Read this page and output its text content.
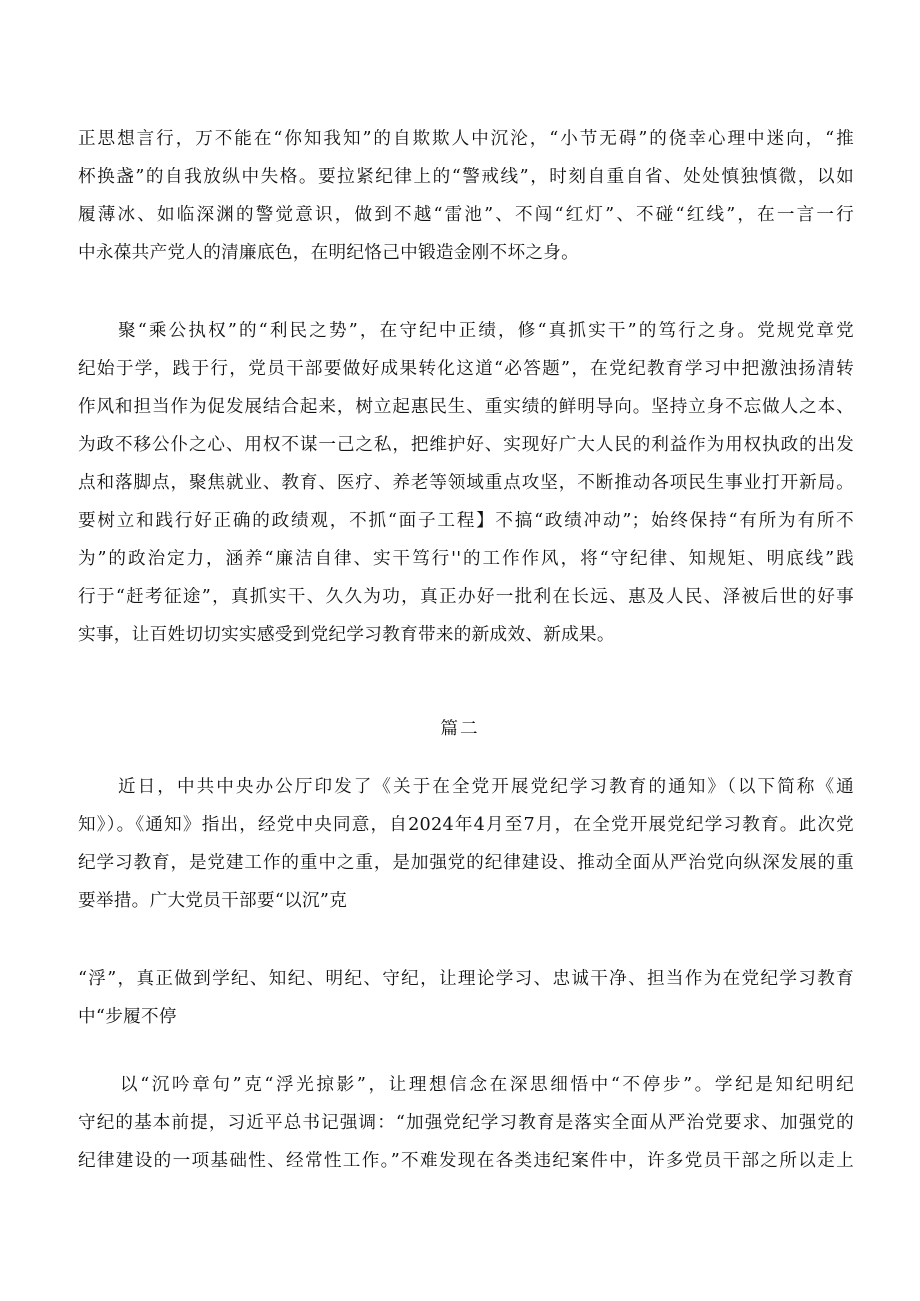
正思想言行，万不能在“你知我知”的自欺欺人中沉沦，“小节无碍”的侥幸心理中迷向，“推
杯换盏”的自我放纵中失格。要拉紧纪律上的“警戒线”，时刻自重自省、处处慎独慎微，以如
履薄冰、如临深渊的警觉意识，做到不越“雷池”、不闯“红灯”、不碰“红线”，在一言一行
中永葆共产党人的清廉底色，在明纪恪己中锻造金刚不坏之身。
聚“乘公执权”的“利民之势”，在守纪中正绩，修“真抓实干”的笃行之身。党规党章党
纪始于学，践于行，党员干部要做好成果转化这道“必答题”，在党纪教育学习中把激浊扬清转
作风和担当作为促发展结合起来，树立起惠民生、重实绩的鲜明导向。坚持立身不忘做人之本、
为政不移公仆之心、用权不谋一己之私，把维护好、实现好广大人民的利益作为用权执政的出发
点和落脚点，聚焦就业、教育、医疗、养老等领域重点攻坚，不断推动各项民生事业打开新局。
要树立和践行好正确的政绩观，不抓“面子工程】不搞“政绩冲动”；始终保持“有所为有所不
为”的政治定力，涵养“廉洁自律、实干笃行''的工作作风，将“守纪律、知规矩、明底线”践
行于“赶考征途”，真抓实干、久久为功，真正办好一批利在长远、惠及人民、泽被后世的好事
实事，让百姓切切实实感受到党纪学习教育带来的新成效、新成果。
篇二
近日，中共中央办公厅印发了《关于在全党开展党纪学习教育的通知》（以下简称《通
知》）。《通知》指出，经党中央同意，自2024年4月至7月，在全党开展党纪学习教育。此次党
纪学习教育，是党建工作的重中之重，是加强党的纪律建设、推动全面从严治党向纵深发展的重
要举措。广大党员干部要“以沉”克
“浮”，真正做到学纪、知纪、明纪、守纪，让理论学习、忠诚干净、担当作为在党纪学习教育
中“步履不停
以“沉吟章句”克“浮光掠影”，让理想信念在深思细悟中“不停步”。学纪是知纪明纪
守纪的基本前提，习近平总书记强调：“加强党纪学习教育是落实全面从严治党要求、加强党的
纪律建设的一项基础性、经常性工作。”不难发现在各类违纪案件中，许多党员干部之所以走上
